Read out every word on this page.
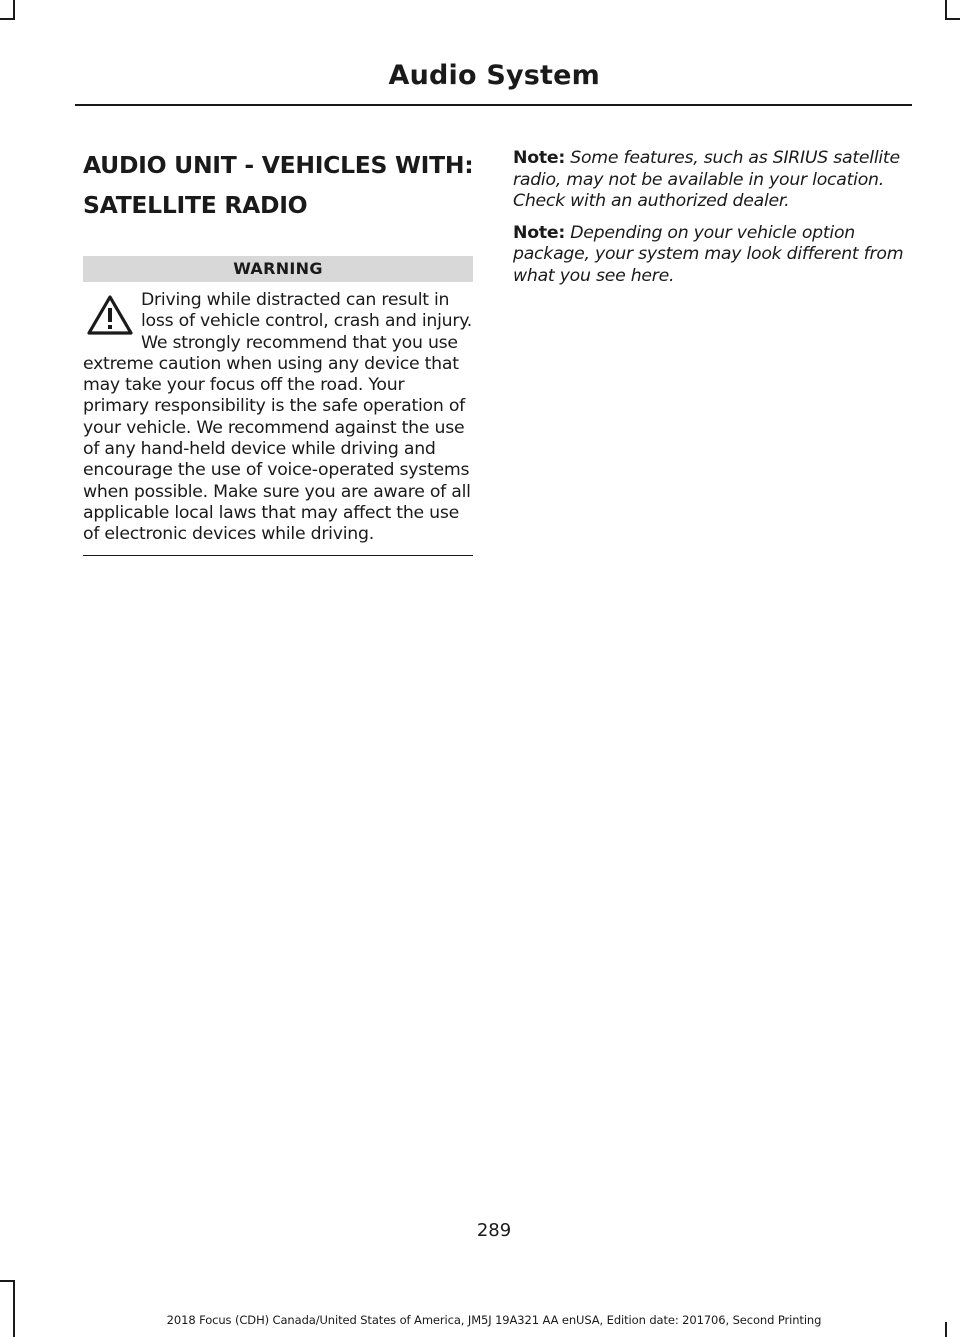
Audio System
AUDIO UNIT - VEHICLES WITH:
SATELLITE RADIO
WARNING
Driving while distracted can result in loss of vehicle control, crash and injury. We strongly recommend that you use extreme caution when using any device that may take your focus off the road. Your primary responsibility is the safe operation of your vehicle. We recommend against the use of any hand-held device while driving and encourage the use of voice-operated systems when possible. Make sure you are aware of all applicable local laws that may affect the use of electronic devices while driving.

Note: Some features, such as SIRIUS satellite radio, may not be available in your location. Check with an authorized dealer.

Note: Depending on your vehicle option package, your system may look different from what you see here.

289
2018 Focus (CDH) Canada/United States of America, JM5J 19A321 AA enUSA, Edition date: 201706, Second Printing
